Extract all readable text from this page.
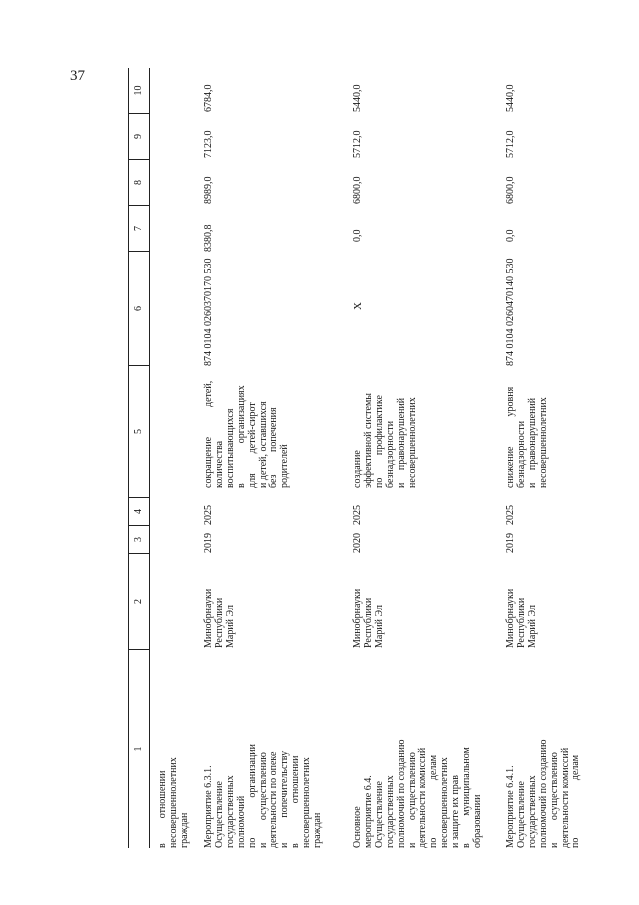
37
1
2
3
4
5
6
7
8
9
10
в          отношении несовершеннолетних граждан Мероприятие 6.3.1. Осуществление государственных полномочий по                организации и         осуществлению деятельности по опеке и          попечительству в                отношении несовершеннолетних граждан
Минобрнауки Республики Марий Эл
2019
2025
сокращение            детей, количества воспитывающихся в                организациях для        детей-сирот и детей, оставшихся без         попечения родителей
874 0104 0260370170 530
8380,8
8989,0
7123,0
6784,0
Основное мероприятие 6.4. Осуществление государственных полномочий по созданию и         осуществлению деятельности комиссий по                       делам несовершеннолетних и защите их прав в           муниципальном образовании
Минобрнауки Республики Марий Эл
2020
2025
создание эффективной системы по         профилактике безнадзорности и     правонарушений несовершеннолетних
Х
0,0
6800,0
5712,0
5440,0
Мероприятие 6.4.1. Осуществление государственных полномочий по созданию и         осуществлению деятельности комиссий по                       делам
Минобрнауки Республики Марий Эл
2019
2025
снижение            уровня безнадзорности и     правонарушений несовершеннолетних
874 0104 0260470140 530
0,0
6800,0
5712,0
5440,0
